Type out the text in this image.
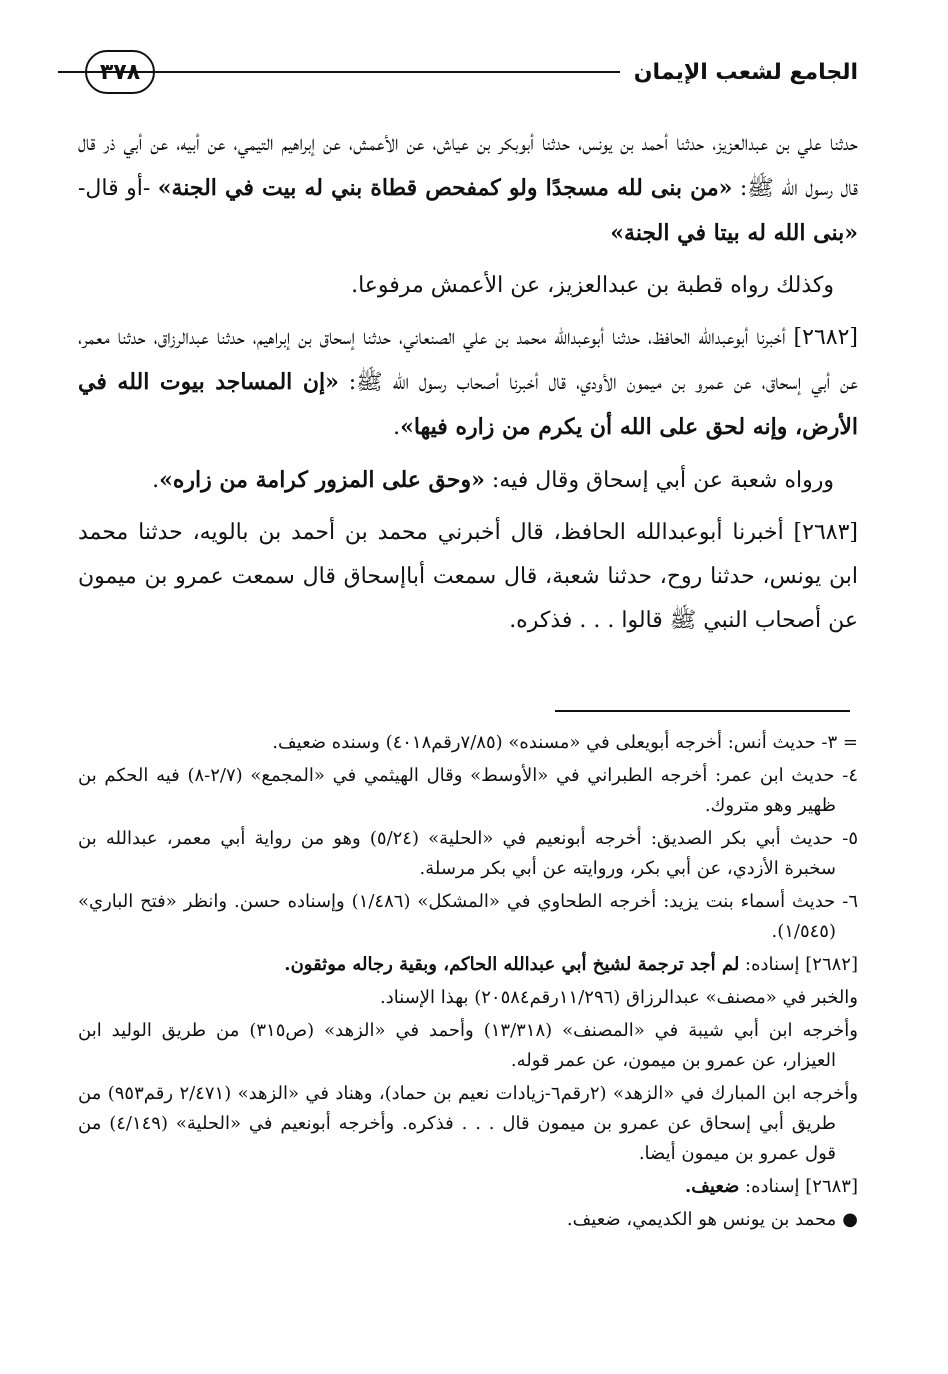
الجامع لشعب الإيمان
٣٧٨

حدثنا علي بن عبدالعزيز، حدثنا أحمد بن يونس، حدثنا أبوبكر بن عياش، عن الأعمش، عن إبراهيم التيمي، عن أبيه، عن أبي ذر قال قال رسول الله ﷺ: «من بنى لله مسجدًا ولو كمفحص قطاة بني له بيت في الجنة» -أو قال- «بنى الله له بيتا في الجنة»

وكذلك رواه قطبة بن عبدالعزيز، عن الأعمش مرفوعا.

[٢٦٨٢] أخبرنا أبوعبدالله الحافظ، حدثنا أبوعبدالله محمد بن علي الصنعاني، حدثنا إسحاق بن إبراهيم، حدثنا عبدالرزاق، حدثنا معمر، عن أبي إسحاق، عن عمرو بن ميمون الأودي، قال أخبرنا أصحاب رسول الله ﷺ: «إن المساجد بيوت الله في الأرض، وإنه لحق على الله أن يكرم من زاره فيها».

ورواه شعبة عن أبي إسحاق وقال فيه: «وحق على المزور كرامة من زاره».

[٢٦٨٣] أخبرنا أبوعبدالله الحافظ، قال أخبرني محمد بن أحمد بن بالويه، حدثنا محمد ابن يونس، حدثنا روح، حدثنا شعبة، قال سمعت أباإسحاق قال سمعت عمرو بن ميمون عن أصحاب النبي ﷺ قالوا . . . فذكره.

= ٣- حديث أنس: أخرجه أبويعلى في «مسنده» (٧/٨٥رقم٤٠١٨) وسنده ضعيف.

٤- حديث ابن عمر: أخرجه الطبراني في «الأوسط» وقال الهيثمي في «المجمع» (٢/٧-٨) فيه الحكم بن ظهير وهو متروك.

٥- حديث أبي بكر الصديق: أخرجه أبونعيم في «الحلية» (٥/٢٤) وهو من رواية أبي معمر، عبدالله بن سخبرة الأزدي، عن أبي بكر، وروايته عن أبي بكر مرسلة.

٦- حديث أسماء بنت يزيد: أخرجه الطحاوي في «المشكل» (١/٤٨٦) وإسناده حسن. وانظر «فتح الباري» (١/٥٤٥).

[٢٦٨٢] إسناده: لم أجد ترجمة لشيخ أبي عبدالله الحاكم، وبقية رجاله موثقون.

والخبر في «مصنف» عبدالرزاق (١١/٢٩٦رقم٢٠٥٨٤) بهذا الإسناد.

وأخرجه ابن أبي شيبة في «المصنف» (١٣/٣١٨) وأحمد في «الزهد» (ص٣١٥) من طريق الوليد ابن العيزار، عن عمرو بن ميمون، عن عمر قوله.

وأخرجه ابن المبارك في «الزهد» (٢رقم٦-زيادات نعيم بن حماد)، وهناد في «الزهد» (٢/٤٧١ رقم٩٥٣) من طريق أبي إسحاق عن عمرو بن ميمون قال . . . فذكره. وأخرجه أبونعيم في «الحلية» (٤/١٤٩) من قول عمرو بن ميمون أيضا.

[٢٦٨٣] إسناده: ضعيف.

●محمد بن يونس هو الكديمي، ضعيف.
